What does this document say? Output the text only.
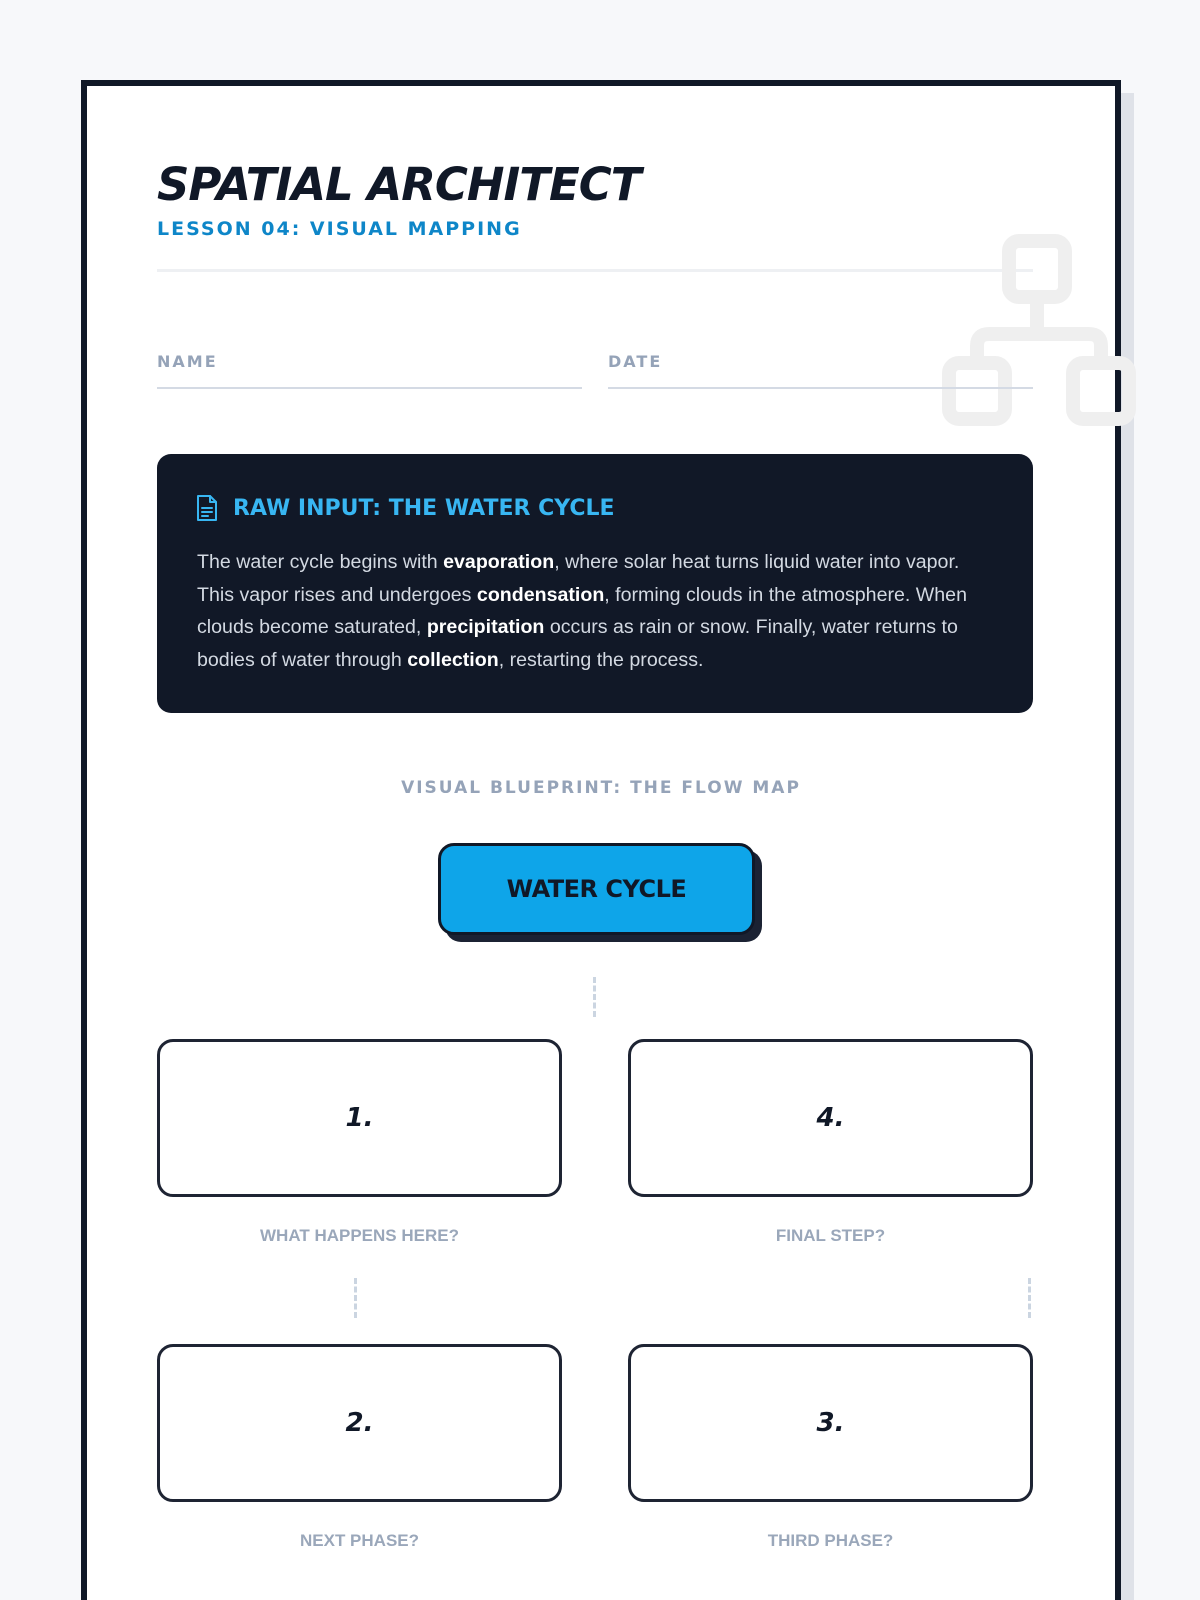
SPATIAL ARCHITECT
LESSON 04: VISUAL MAPPING
NAME	DATE
RAW INPUT: THE WATER CYCLE

The water cycle begins with evaporation, where solar heat turns liquid water into vapor. This vapor rises and undergoes condensation, forming clouds in the atmosphere. When clouds become saturated, precipitation occurs as rain or snow. Finally, water returns to bodies of water through collection, restarting the process.

VISUAL BLUEPRINT: THE FLOW MAP
WATER CYCLE
1.
WHAT HAPPENS HERE?
4.
FINAL STEP?
2.
NEXT PHASE?
3.
THIRD PHASE?
